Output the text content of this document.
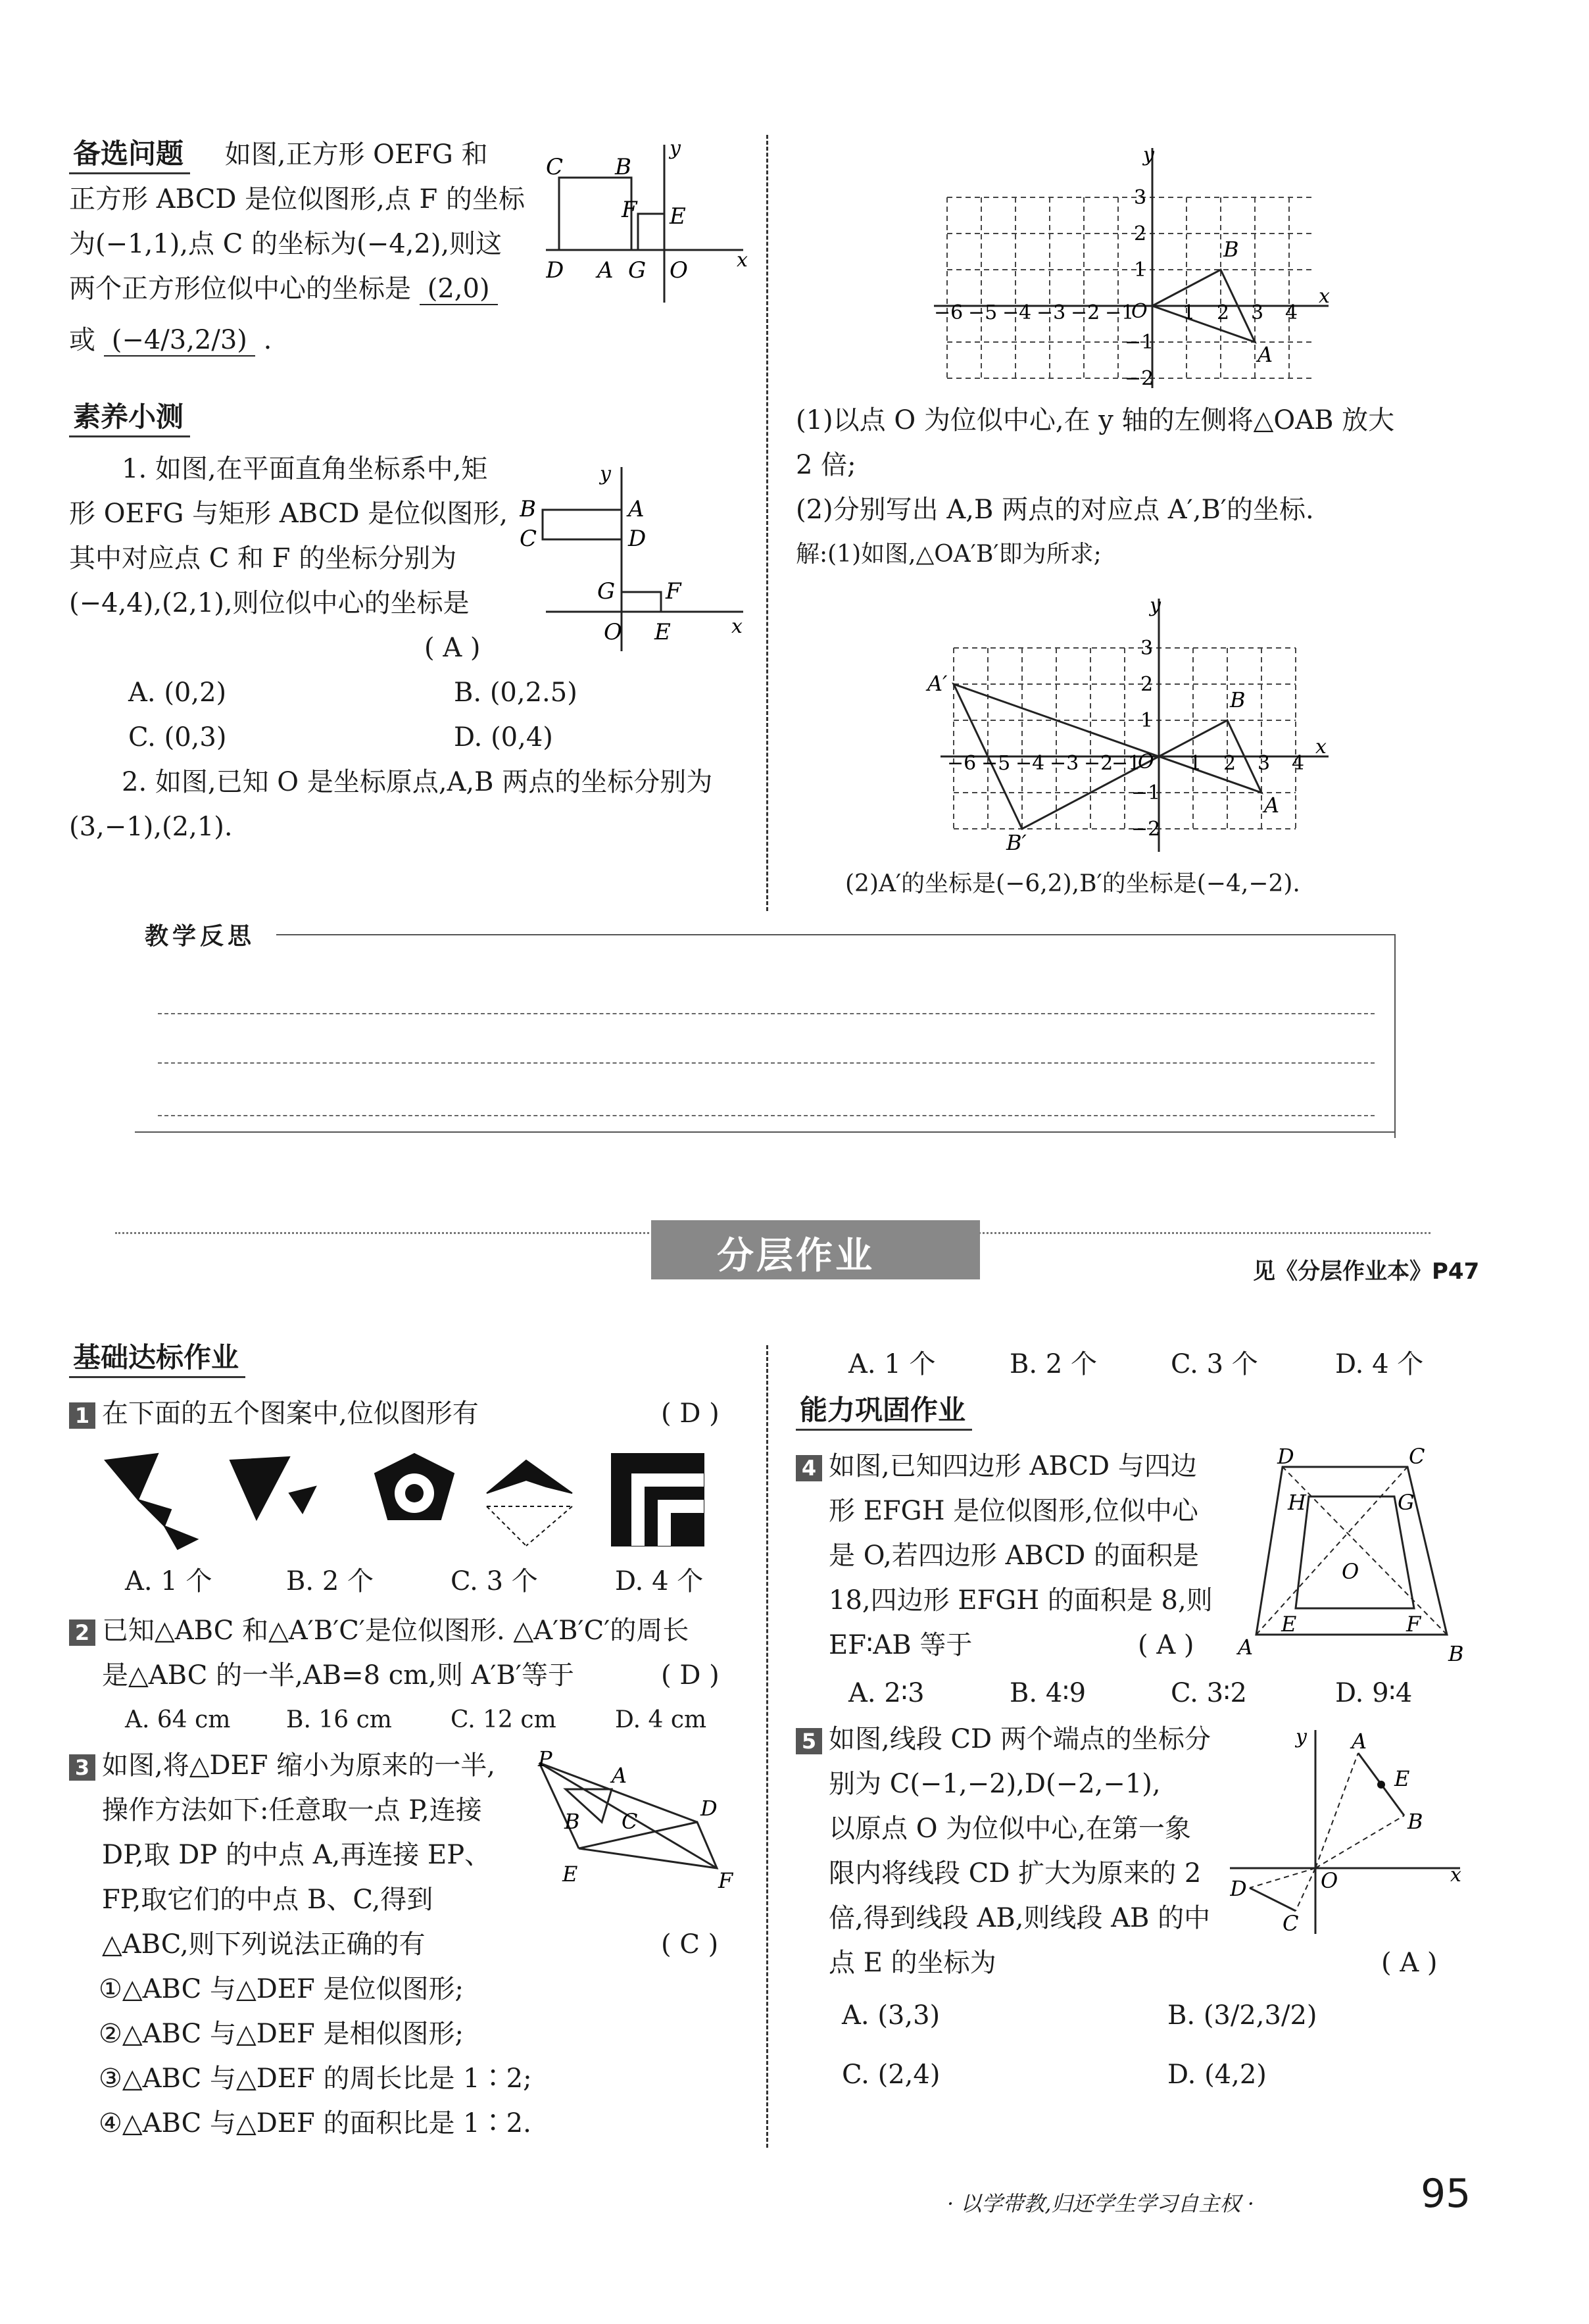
备选问题 如图,正方形 OEFG 和
正方形 ABCD 是位似图形,点 F 的坐标
为(−1,1),点 C 的坐标为(−4,2),则这
两个正方形位似中心的坐标是 (2,0)
或 (−4/3,2/3) .
C B
F E
D A G O
y
x
素养小测
1. 如图,在平面直角坐标系中,矩
形 OEFG 与矩形 ABCD 是位似图形,
其中对应点 C 和 F 的坐标分别为
(−4,4),(2,1),则位似中心的坐标是
( A )
A. (0,2)	B. (0,2.5)
C. (0,3)	D. (0,4)
2. 如图,已知 O 是坐标原点,A,B 两点的坐标分别为
(3,−1),(2,1).
B
C
A
D
G F
O E
y
x
y
x
B
A
O
−6 −5 −4 −3 −2 −1 1 2 3 4
3
2
1
−1
−2
(1)以点 O 为位似中心,在 y 轴的左侧将△OAB 放大
2 倍;
(2)分别写出 A,B 两点的对应点 A′,B′的坐标.
解:(1)如图,△OA′B′即为所求;
y
x
B
A
A′
B′
O
−6 −5 −4 −3 −2
−1 1 2 3 4
3
2
1
−1
−2
(2)A′的坐标是(−6,2),B′的坐标是(−4,−2).
教学反思
分层作业	见《分层作业本》P47
基础达标作业
1 在下面的五个图案中,位似图形有	( D )
A. 1 个	B. 2 个	C. 3 个	D. 4 个
2 已知△ABC 和△A′B′C′是位似图形. △A′B′C′的周长
是△ABC 的一半,AB=8 cm,则 A′B′等于	( D )
A. 64 cm B. 16 cm C. 12 cm D. 4 cm
3 如图,将△DEF 缩小为原来的一半,
操作方法如下:任意取一点 P,连接
DP,取 DP 的中点 A,再连接 EP、
FP,取它们的中点 B、C,得到
△ABC,则下列说法正确的有	( C )
①△ABC 与△DEF 是位似图形;
②△ABC 与△DEF 是相似图形;
③△ABC 与△DEF 的周长比是 1∶2;
④△ABC 与△DEF 的面积比是 1∶2.
P
A
B C
D
E	F
A. 1 个	B. 2 个	C. 3 个	D. 4 个
能力巩固作业
4 如图,已知四边形 ABCD 与四边
形 EFGH 是位似图形,位似中心
是 O,若四边形 ABCD 的面积是
18,四边形 EFGH 的面积是 8,则
EF∶AB 等于	( A )
D	C
H	G
O
E	F
A	B
A. 2∶3	B. 4∶9	C. 3∶2	D. 9∶4
5 如图,线段 CD 两个端点的坐标分
别为 C(−1,−2),D(−2,−1),
以原点 O 为位似中心,在第一象
限内将线段 CD 扩大为原来的 2
倍,得到线段 AB,则线段 AB 的中
点 E 的坐标为	( A )
y
x
A
E
B
O
D
C
A. (3,3)	B. (3/2,3/2)
C. (2,4)	D. (4,2)
· 以学带教,归还学生学习自主权 ·	95
